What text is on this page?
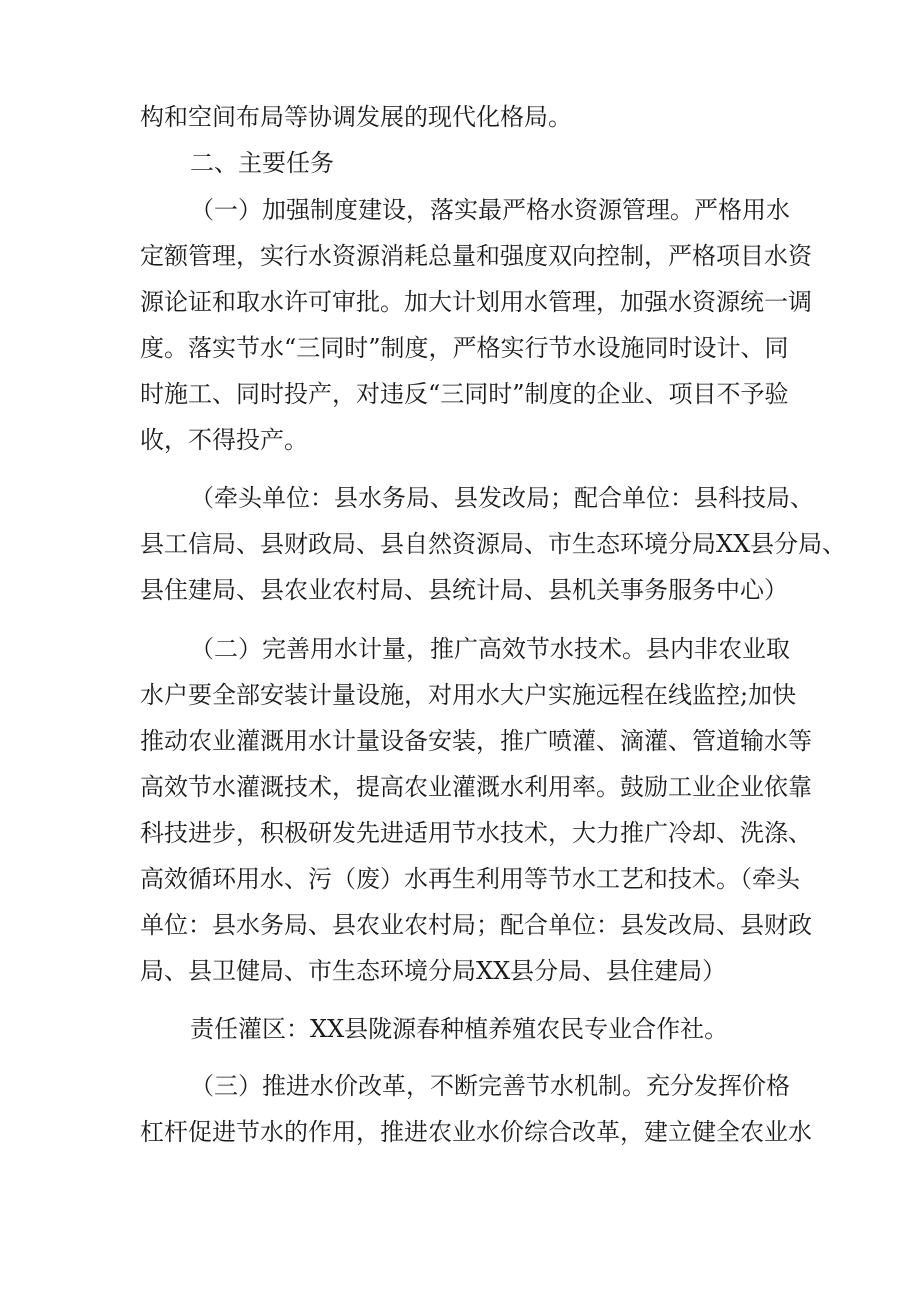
构和空间布局等协调发展的现代化格局。
二、主要任务
（一）加强制度建设，落实最严格水资源管理。严格用水
定额管理，实行水资源消耗总量和强度双向控制，严格项目水资
源论证和取水许可审批。加大计划用水管理，加强水资源统一调
度。落实节水“三同时”制度，严格实行节水设施同时设计、同
时施工、同时投产，对违反“三同时”制度的企业、项目不予验
收，不得投产。
（牵头单位：县水务局、县发改局；配合单位：县科技局、
县工信局、县财政局、县自然资源局、市生态环境分局XX县分局、
县住建局、县农业农村局、县统计局、县机关事务服务中心）
（二）完善用水计量，推广高效节水技术。县内非农业取
水户要全部安装计量设施，对用水大户实施远程在线监控;加快
推动农业灌溉用水计量设备安装，推广喷灌、滴灌、管道输水等
高效节水灌溉技术，提高农业灌溉水利用率。鼓励工业企业依靠
科技进步，积极研发先进适用节水技术，大力推广冷却、洗涤、
高效循环用水、污（废）水再生利用等节水工艺和技术。（牵头
单位：县水务局、县农业农村局；配合单位：县发改局、县财政
局、县卫健局、市生态环境分局XX县分局、县住建局）
责任灌区：XX县陇源春种植养殖农民专业合作社。
（三）推进水价改革，不断完善节水机制。充分发挥价格
杠杆促进节水的作用，推进农业水价综合改革，建立健全农业水
